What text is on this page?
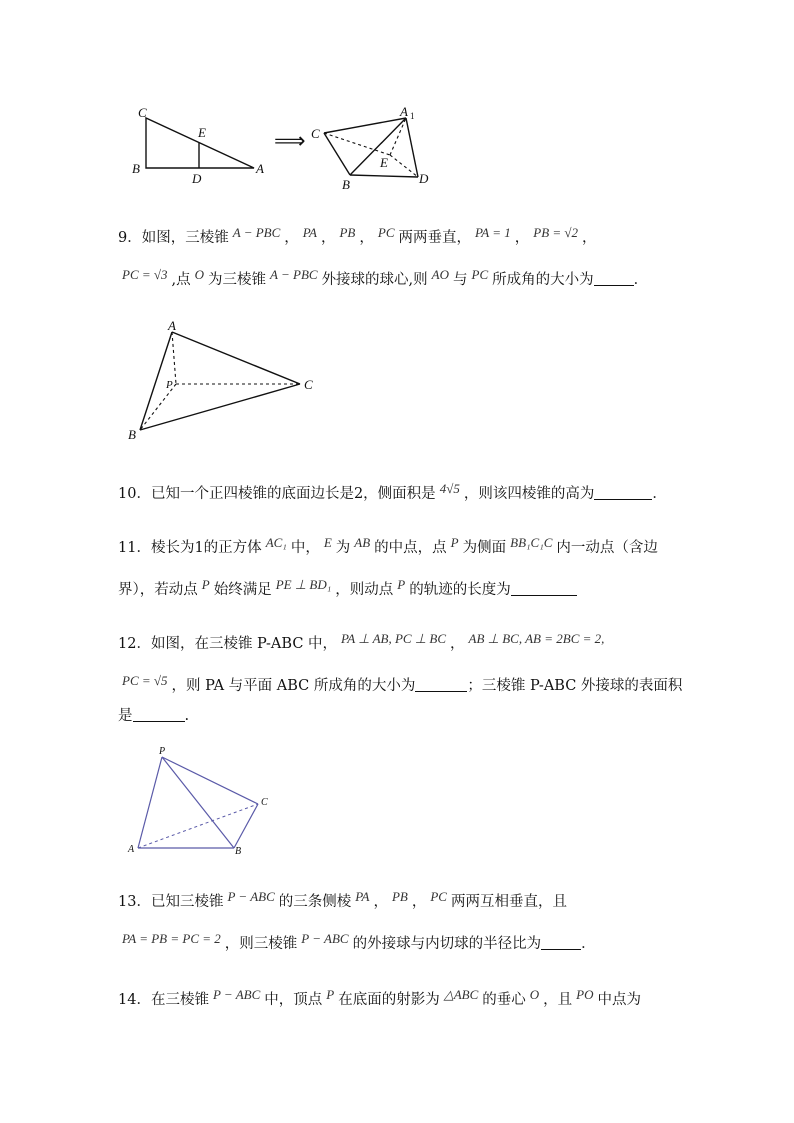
C
E
B
D
A
⟹ C
A 1
E
B	D
9．如图，三棱锥 A − PBC ， PA ， PB ， PC 两两垂直， PA = 1 ， PB = √2 ，
PC = √3 ,点 O 为三棱锥 A − PBC 外接球的球心,则 AO 与 PC 所成角的大小为	．
A
P	C
B
10．已知一个正四棱锥的底面边长是2，侧面积是 4√5 ，则该四棱锥的高为	．
11．棱长为1的正方体 AC₁ 中， E 为 AB 的中点，点 P 为侧面 BB₁C₁C 内一动点（含边
界），若动点 P 始终满足 PE ⊥ BD₁ ，则动点 P 的轨迹的长度为
12．如图，在三棱锥 P-ABC 中， PA ⊥ AB, PC ⊥ BC ， AB ⊥ BC, AB = 2BC = 2,
PC = √5 ，则 PA 与平面 ABC 所成角的大小为	；三棱锥 P-ABC 外接球的表面积
是	.
P
C
A	B
13．已知三棱锥 P − ABC 的三条侧棱 PA ， PB ， PC 两两互相垂直，且
PA = PB = PC = 2 ，则三棱锥 P − ABC 的外接球与内切球的半径比为	．
14．在三棱锥 P − ABC 中，顶点 P 在底面的射影为 △ABC 的垂心 O ，且 PO 中点为
